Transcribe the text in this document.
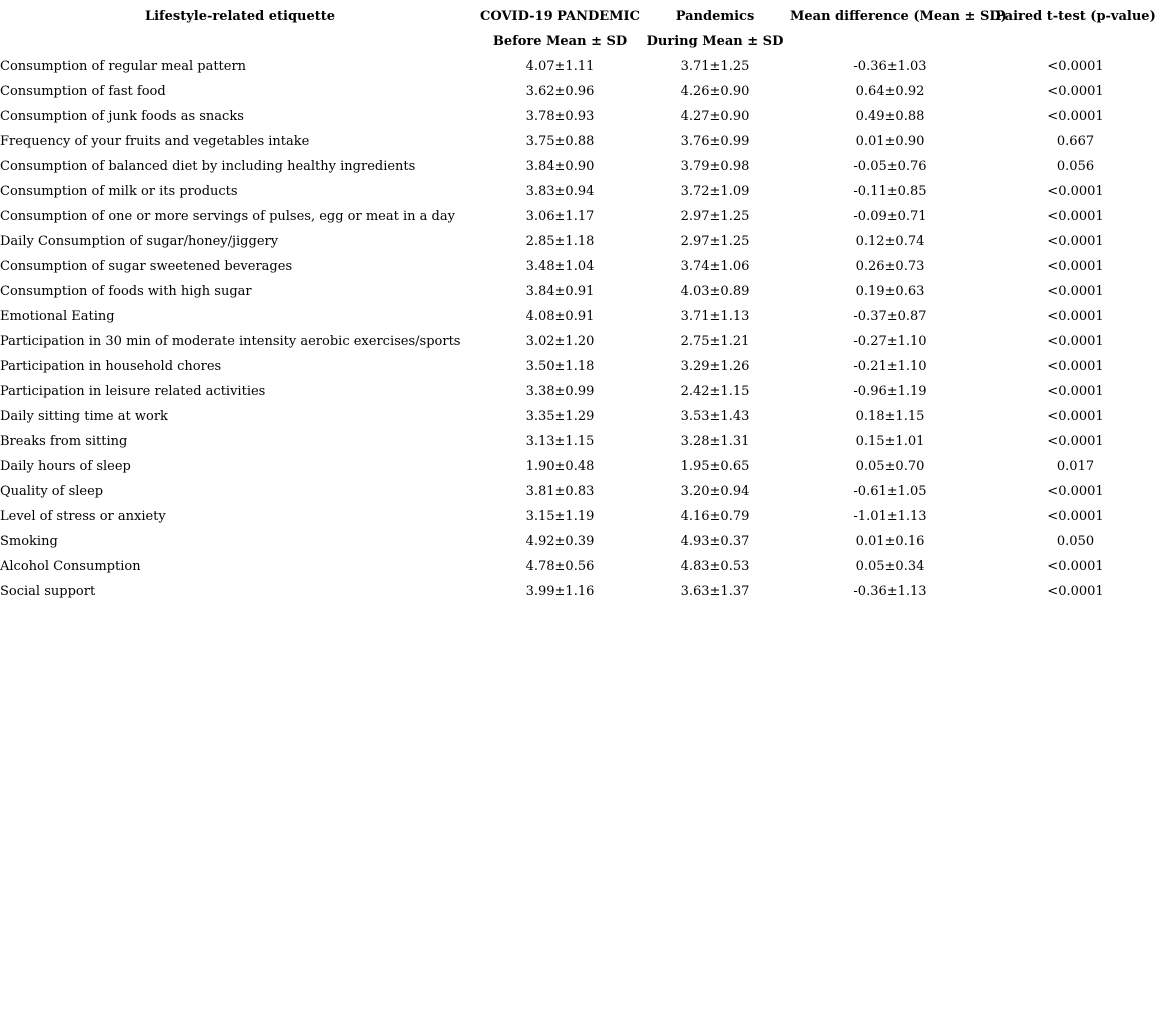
Lifestyle-related etiquette	COVID-19 PANDEMIC	Pandemics	Mean difference (Mean ± SD)	Paired t-test (p-value)
	Before Mean ± SD	During Mean ± SD		
Consumption of regular meal pattern	4.07±1.11	3.71±1.25	-0.36±1.03	<0.0001
Consumption of fast food	3.62±0.96	4.26±0.90	0.64±0.92	<0.0001
Consumption of junk foods as snacks	3.78±0.93	4.27±0.90	0.49±0.88	<0.0001
Frequency of your fruits and vegetables intake	3.75±0.88	3.76±0.99	0.01±0.90	0.667
Consumption of balanced diet by including healthy ingredients	3.84±0.90	3.79±0.98	-0.05±0.76	0.056
Consumption of milk or its products	3.83±0.94	3.72±1.09	-0.11±0.85	<0.0001
Consumption of one or more servings of pulses, egg or meat in a day	3.06±1.17	2.97±1.25	-0.09±0.71	<0.0001
Daily Consumption of sugar/honey/jiggery	2.85±1.18	2.97±1.25	0.12±0.74	<0.0001
Consumption of sugar sweetened beverages	3.48±1.04	3.74±1.06	0.26±0.73	<0.0001
Consumption of foods with high sugar	3.84±0.91	4.03±0.89	0.19±0.63	<0.0001
Emotional Eating	4.08±0.91	3.71±1.13	-0.37±0.87	<0.0001
Participation in 30 min of moderate intensity aerobic exercises/sports	3.02±1.20	2.75±1.21	-0.27±1.10	<0.0001
Participation in household chores	3.50±1.18	3.29±1.26	-0.21±1.10	<0.0001
Participation in leisure related activities	3.38±0.99	2.42±1.15	-0.96±1.19	<0.0001
Daily sitting time at work	3.35±1.29	3.53±1.43	0.18±1.15	<0.0001
Breaks from sitting	3.13±1.15	3.28±1.31	0.15±1.01	<0.0001
Daily hours of sleep	1.90±0.48	1.95±0.65	0.05±0.70	0.017
Quality of sleep	3.81±0.83	3.20±0.94	-0.61±1.05	<0.0001
Level of stress or anxiety	3.15±1.19	4.16±0.79	-1.01±1.13	<0.0001
Smoking	4.92±0.39	4.93±0.37	0.01±0.16	0.050
Alcohol Consumption	4.78±0.56	4.83±0.53	0.05±0.34	<0.0001
Social support	3.99±1.16	3.63±1.37	-0.36±1.13	<0.0001
